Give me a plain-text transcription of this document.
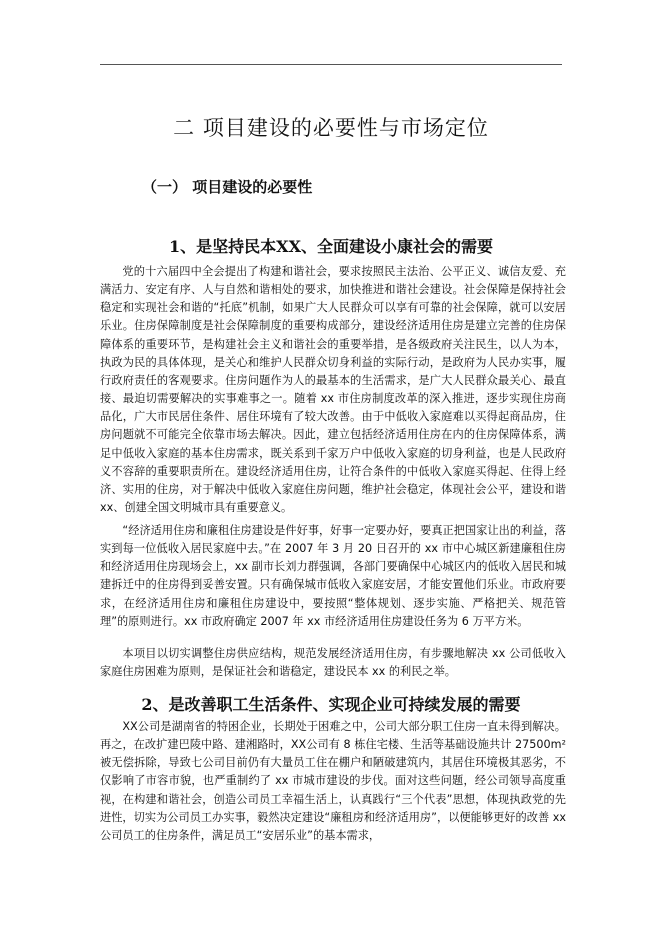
二 项目建设的必要性与市场定位
（一） 项目建设的必要性
1、是坚持民本XX、全面建设小康社会的需要

党的十六届四中全会提出了构建和谐社会，要求按照民主法治、公平正义、诚信友爱、充满活力、安定有序、人与自然和谐相处的要求，加快推进和谐社会建设。社会保障是保持社会稳定和实现社会和谐的“托底”机制，如果广大人民群众可以享有可靠的社会保障，就可以安居乐业。住房保障制度是社会保障制度的重要构成部分，建设经济适用住房是建立完善的住房保障体系的重要环节，是构建社会主义和谐社会的重要举措，是各级政府关注民生，以人为本，执政为民的具体体现，是关心和维护人民群众切身利益的实际行动，是政府为人民办实事，履行政府责任的客观要求。住房问题作为人的最基本的生活需求，是广大人民群众最关心、最直接、最迫切需要解决的实事难事之一。随着 xx 市住房制度改革的深入推进，逐步实现住房商品化，广大市民居住条件、居住环境有了较大改善。由于中低收入家庭难以买得起商品房，住房问题就不可能完全依靠市场去解决。因此，建立包括经济适用住房在内的住房保障体系，满足中低收入家庭的基本住房需求，既关系到千家万户中低收入家庭的切身利益，也是人民政府义不容辞的重要职责所在。建设经济适用住房，让符合条件的中低收入家庭买得起、住得上经济、实用的住房，对于解决中低收入家庭住房问题，维护社会稳定，体现社会公平，建设和谐 xx、创建全国文明城市具有重要意义。

“经济适用住房和廉租住房建设是件好事，好事一定要办好，要真正把国家让出的利益，落实到每一位低收入居民家庭中去。”在 2007 年 3 月 20 日召开的 xx 市中心城区新建廉租住房和经济适用住房现场会上，xx 副市长刘力群强调，各部门要确保中心城区内的低收入居民和城建拆迁中的住房得到妥善安置。只有确保城市低收入家庭安居，才能安置他们乐业。市政府要求，在经济适用住房和廉租住房建设中，要按照“整体规划、逐步实施、严格把关、规范管理”的原则进行。xx 市政府确定 2007 年 xx 市经济适用住房建设任务为 6 万平方米。

本项目以切实调整住房供应结构，规范发展经济适用住房，有步骤地解决 xx 公司低收入家庭住房困难为原则，是保证社会和谐稳定，建设民本 xx 的利民之举。

2、是改善职工生活条件、实现企业可持续发展的需要

XX公司是湖南省的特困企业，长期处于困难之中，公司大部分职工住房一直未得到解决。再之，在改扩建巴陵中路、建湘路时，XX公司有 8 栋住宅楼、生活等基础设施共计 27500m² 被无偿拆除，导致七公司目前仍有大量员工住在棚户和陋破建筑内，其居住环境极其恶劣，不仅影响了市容市貌，也严重制约了 xx 市城市建设的步伐。面对这些问题，经公司领导高度重视，在构建和谐社会，创造公司员工幸福生活上，认真践行“三个代表”思想，体现执政党的先进性，切实为公司员工办实事，毅然决定建设“廉租房和经济适用房”，以便能够更好的改善 xx 公司员工的住房条件，满足员工“安居乐业”的基本需求，
